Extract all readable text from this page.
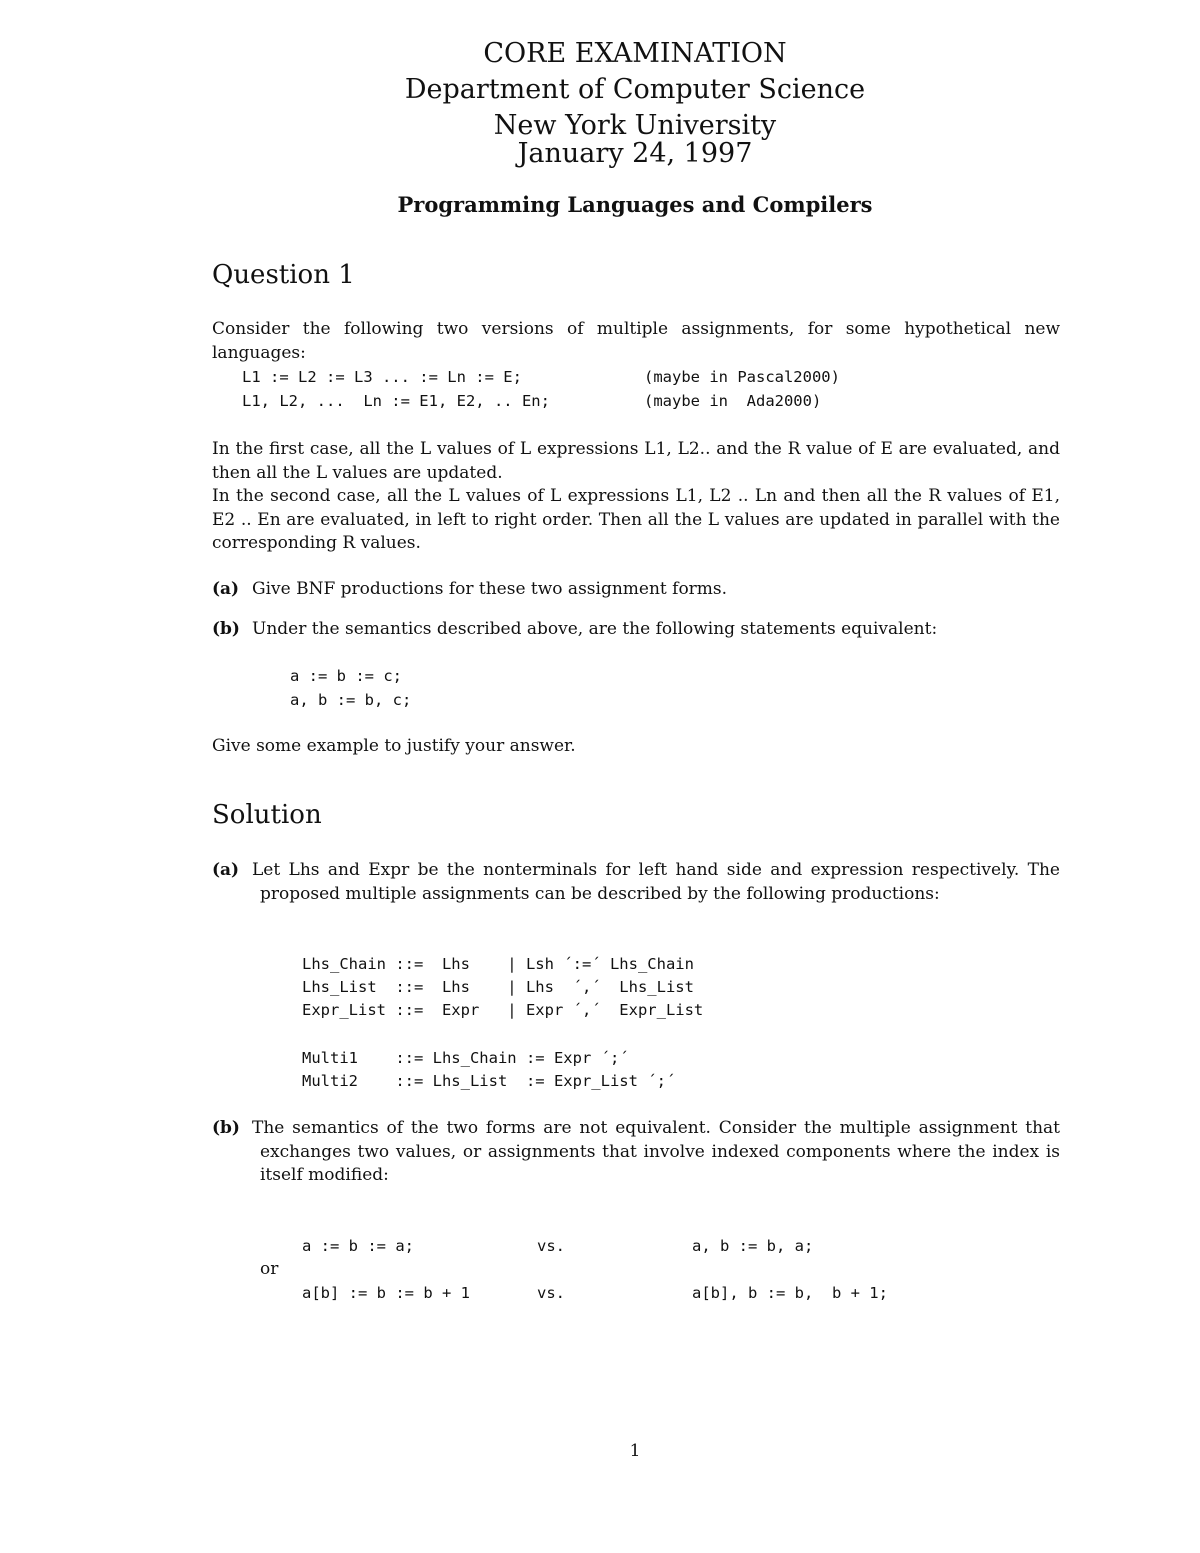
CORE EXAMINATION
Department of Computer Science
New York University
January 24, 1997
Programming Languages and Compilers
Question 1
Consider the following two versions of multiple assignments, for some hypothetical new languages:
L1 := L2 := L3 ... := Ln := E;	(maybe in Pascal2000)
L1, L2, ...  Ln := E1, E2, .. En;	(maybe in  Ada2000)
In the first case, all the L values of L expressions L1, L2.. and the R value of E are evaluated, and then all the L values are updated.
In the second case, all the L values of L expressions L1, L2 .. Ln and then all the R values of E1, E2 .. En are evaluated, in left to right order. Then all the L values are updated in parallel with the corresponding R values.
(a) Give BNF productions for these two assignment forms.
(b) Under the semantics described above, are the following statements equivalent:
a := b := c;
a, b := b, c;
Give some example to justify your answer.
Solution
(a) Let Lhs and Expr be the nonterminals for left hand side and expression respectively. The proposed multiple assignments can be described by the following productions:
Lhs_Chain ::=  Lhs    | Lsh ´:=´ Lhs_Chain
Lhs_List  ::=  Lhs    | Lhs  ´,´  Lhs_List
Expr_List ::=  Expr   | Expr ´,´  Expr_List
Multi1    ::= Lhs_Chain := Expr ´;´
Multi2    ::= Lhs_List  := Expr_List ´;´
(b) The semantics of the two forms are not equivalent. Consider the multiple assignment that exchanges two values, or assignments that involve indexed components where the index is itself modified:
a := b := a;	vs.	a, b := b, a;
or
a[b] := b := b + 1	vs.	a[b], b := b,  b + 1;
1
